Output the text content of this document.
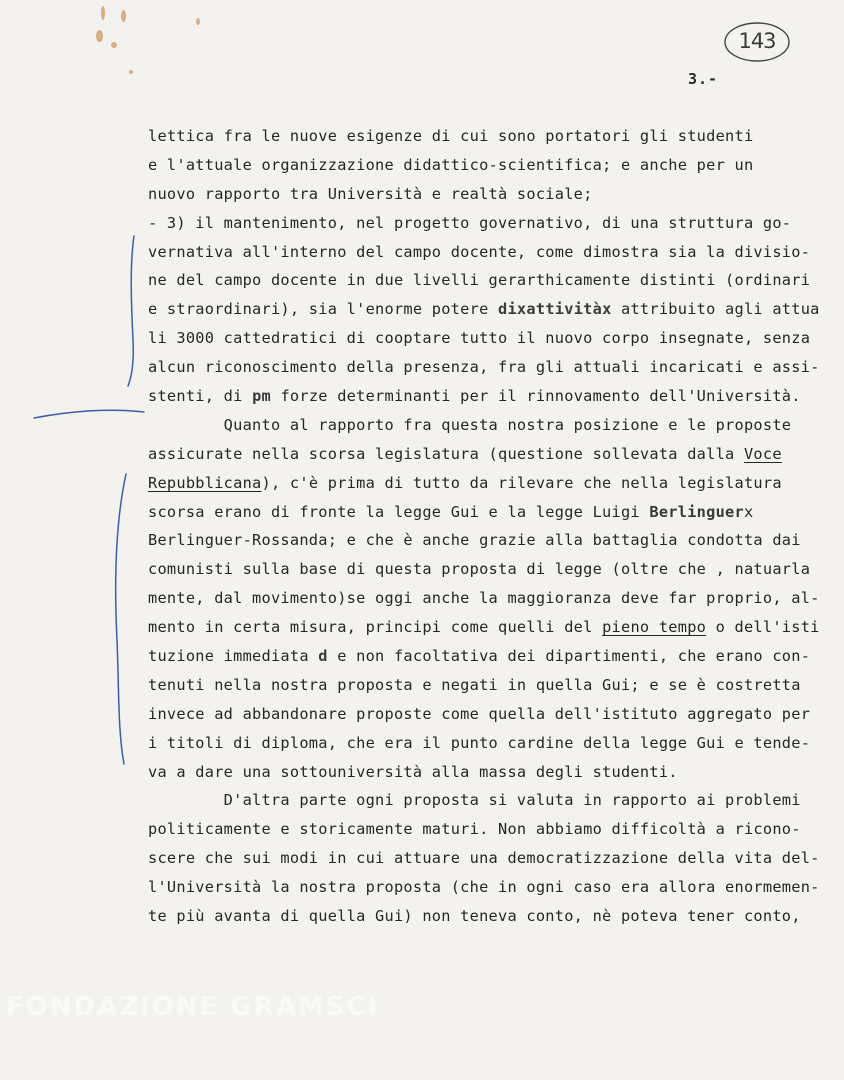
143
3.-
lettica fra le nuove esigenze di cui sono portatori gli studenti
e l'attuale organizzazione didattico-scientifica; e anche per un
nuovo rapporto tra Università e realtà sociale;
- 3) il mantenimento, nel progetto governativo, di una struttura go-
vernativa all'interno del campo docente, come dimostra sia la divisio-
ne del campo docente in due livelli gerarthicamente distinti (ordinari
e straordinari), sia l'enorme potere dixattivitàx attribuito agli attua
li 3000 cattedratici di cooptare tutto il nuovo corpo insegnate, senza
alcun riconoscimento della presenza, fra gli attuali incaricati e assi-
stenti, di pm forze determinanti per il rinnovamento dell'Università.
Quanto al rapporto fra questa nostra posizione e le proposte
assicurate nella scorsa legislatura (questione sollevata dalla Voce
Repubblicana), c'è prima di tutto da rilevare che nella legislatura
scorsa erano di fronte la legge Gui e la legge Luigi Berlinguerx
Berlinguer-Rossanda; e che è anche grazie alla battaglia condotta dai
comunisti sulla base di questa proposta di legge (oltre che , natuarla
mente, dal movimento)se oggi anche la maggioranza deve far proprio, al-
mento in certa misura, principi come quelli del pieno tempo o dell'isti
tuzione immediata d e non facoltativa dei dipartimenti, che erano con-
tenuti nella nostra proposta e negati in quella Gui; e se è costretta
invece ad abbandonare proposte come quella dell'istituto aggregato per
i titoli di diploma, che era il punto cardine della legge Gui e tende-
va a dare una sottouniversità alla massa degli studenti.
D'altra parte ogni proposta si valuta in rapporto ai problemi
politicamente e storicamente maturi. Non abbiamo difficoltà a ricono-
scere che sui modi in cui attuare una democratizzazione della vita del-
l'Università la nostra proposta (che in ogni caso era allora enormemen-
te più avanta di quella Gui) non teneva conto, nè poteva tener conto,
FONDAZIONE GRAMSCI
